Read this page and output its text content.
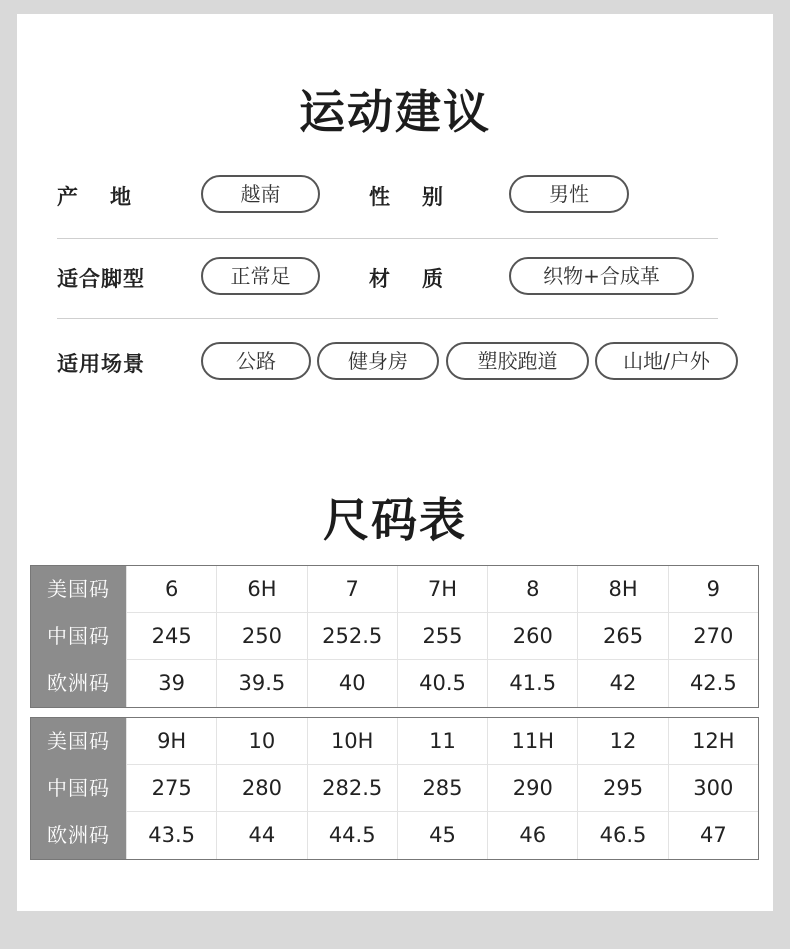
运动建议
产地	越南	性别	男性
适合脚型	正常足	材质	织物+合成革
适用场景	公路	健身房	塑胶跑道	山地/户外
尺码表
美国码	6	6H	7	7H	8	8H	9
中国码	245	250	252.5	255	260	265	270
欧洲码	39	39.5	40	40.5	41.5	42	42.5
美国码	9H	10	10H	11	11H	12	12H
中国码	275	280	282.5	285	290	295	300
欧洲码	43.5	44	44.5	45	46	46.5	47
